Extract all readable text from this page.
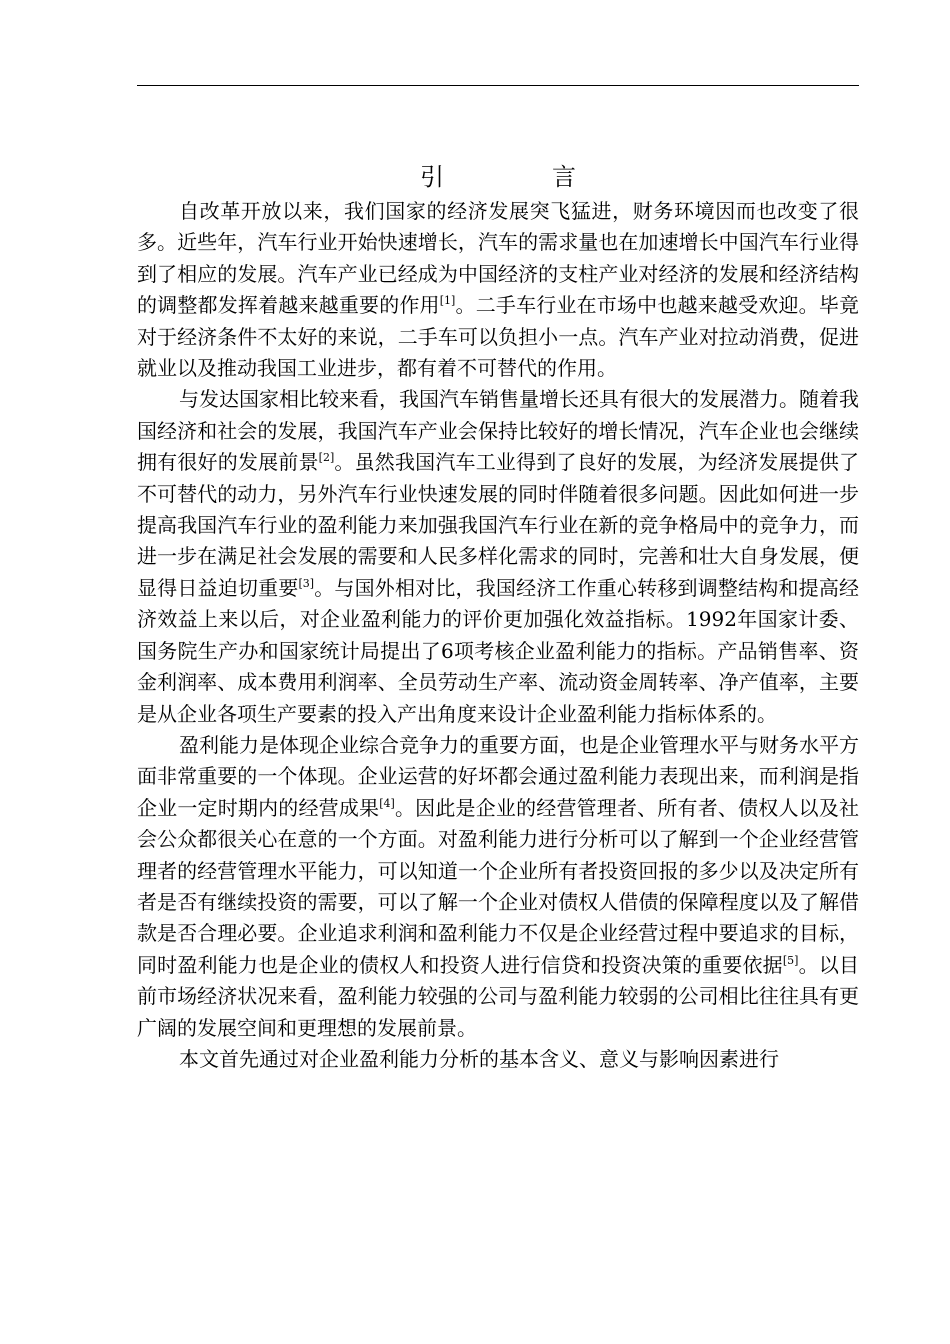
引　言

自改革开放以来，我们国家的经济发展突飞猛进，财务环境因而也改变了很多。近些年，汽车行业开始快速增长，汽车的需求量也在加速增长中国汽车行业得到了相应的发展。汽车产业已经成为中国经济的支柱产业对经济的发展和经济结构的调整都发挥着越来越重要的作用[1]。二手车行业在市场中也越来越受欢迎。毕竟对于经济条件不太好的来说，二手车可以负担小一点。汽车产业对拉动消费，促进就业以及推动我国工业进步，都有着不可替代的作用。

与发达国家相比较来看，我国汽车销售量增长还具有很大的发展潜力。随着我国经济和社会的发展，我国汽车产业会保持比较好的增长情况，汽车企业也会继续拥有很好的发展前景[2]。虽然我国汽车工业得到了良好的发展，为经济发展提供了不可替代的动力，另外汽车行业快速发展的同时伴随着很多问题。因此如何进一步提高我国汽车行业的盈利能力来加强我国汽车行业在新的竞争格局中的竞争力，而进一步在满足社会发展的需要和人民多样化需求的同时，完善和壮大自身发展，便显得日益迫切重要[3]。与国外相对比，我国经济工作重心转移到调整结构和提高经济效益上来以后，对企业盈利能力的评价更加强化效益指标。1992年国家计委、国务院生产办和国家统计局提出了6项考核企业盈利能力的指标。产品销售率、资金利润率、成本费用利润率、全员劳动生产率、流动资金周转率、净产值率，主要是从企业各项生产要素的投入产出角度来设计企业盈利能力指标体系的。

盈利能力是体现企业综合竞争力的重要方面，也是企业管理水平与财务水平方面非常重要的一个体现。企业运营的好坏都会通过盈利能力表现出来，而利润是指企业一定时期内的经营成果[4]。因此是企业的经营管理者、所有者、债权人以及社会公众都很关心在意的一个方面。对盈利能力进行分析可以了解到一个企业经营管理者的经营管理水平能力，可以知道一个企业所有者投资回报的多少以及决定所有者是否有继续投资的需要，可以了解一个企业对债权人借债的保障程度以及了解借款是否合理必要。企业追求利润和盈利能力不仅是企业经营过程中要追求的目标，同时盈利能力也是企业的债权人和投资人进行信贷和投资决策的重要依据[5]。以目前市场经济状况来看，盈利能力较强的公司与盈利能力较弱的公司相比往往具有更广阔的发展空间和更理想的发展前景。

本文首先通过对企业盈利能力分析的基本含义、意义与影响因素进行
